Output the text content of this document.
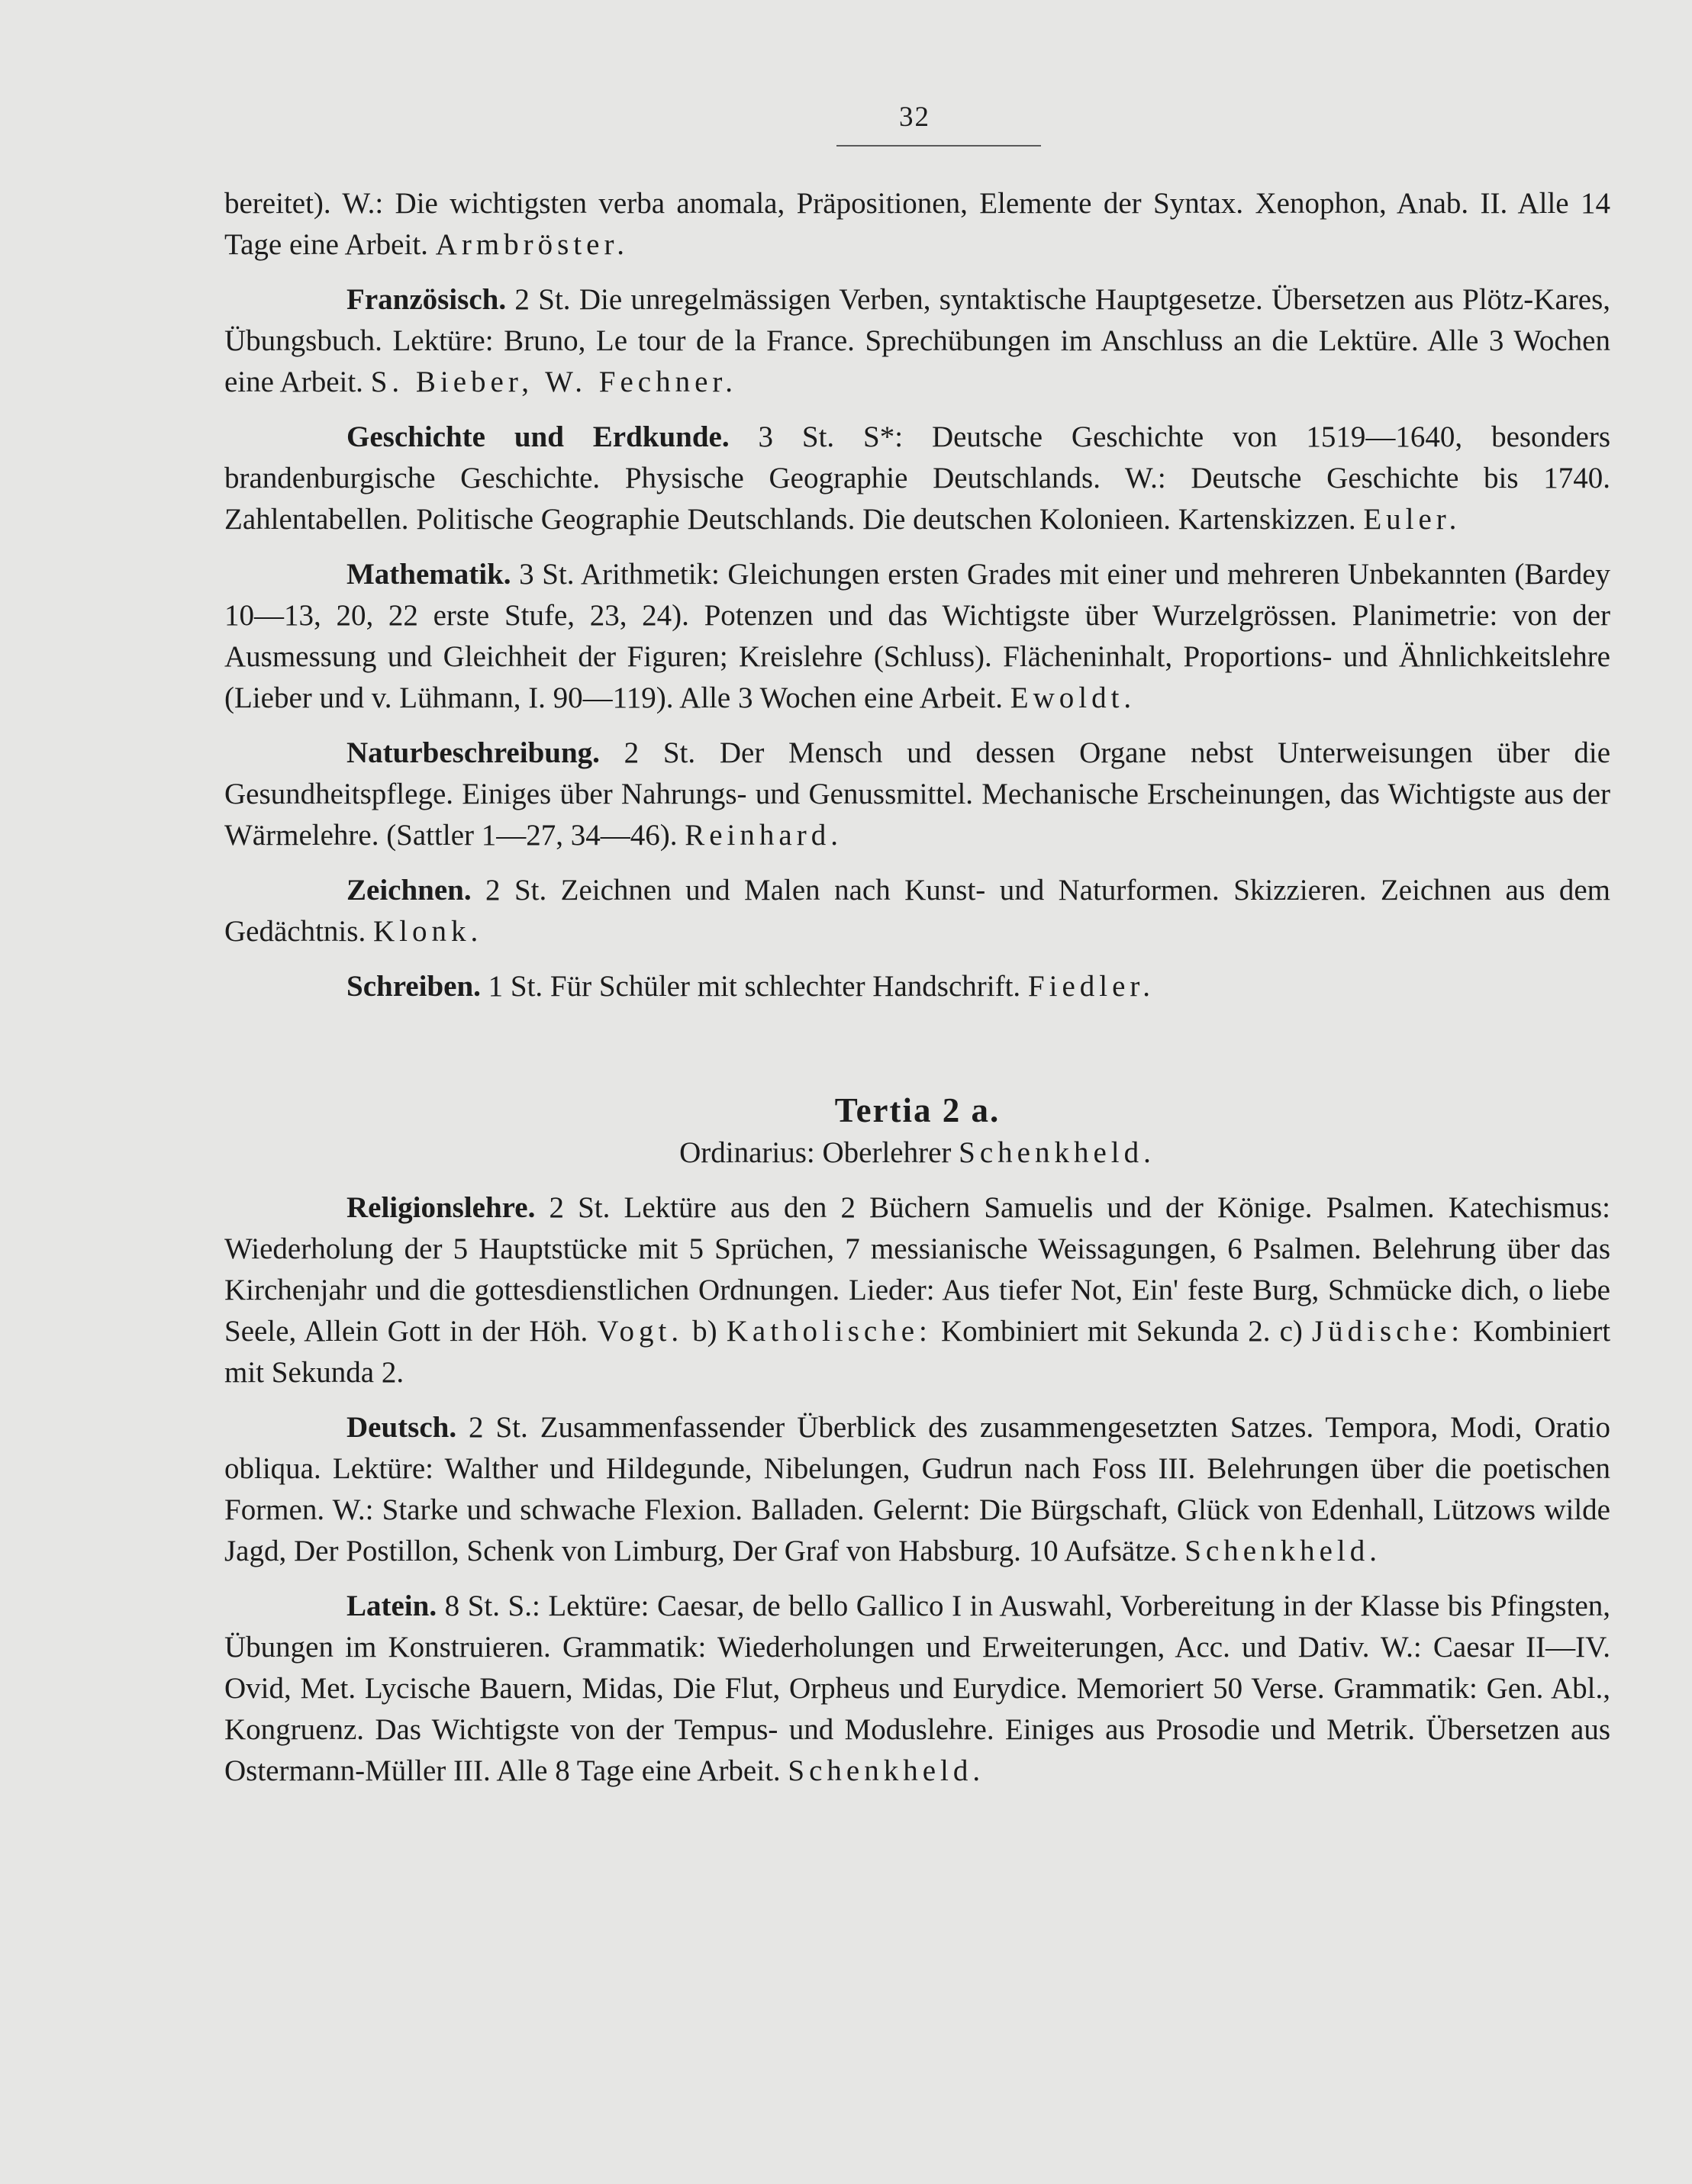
32

bereitet). W.: Die wichtigsten verba anomala, Präpositionen, Elemente der Syntax. Xenophon, Anab. II. Alle 14 Tage eine Arbeit. Armbröster.

Französisch. 2 St. Die unregelmässigen Verben, syntaktische Hauptgesetze. Übersetzen aus Plötz-Kares, Übungsbuch. Lektüre: Bruno, Le tour de la France. Sprechübungen im Anschluss an die Lektüre. Alle 3 Wochen eine Arbeit. S. Bieber, W. Fechner.

Geschichte und Erdkunde. 3 St. S*: Deutsche Geschichte von 1519—1640, besonders brandenburgische Geschichte. Physische Geographie Deutschlands. W.: Deutsche Geschichte bis 1740. Zahlentabellen. Politische Geographie Deutschlands. Die deutschen Kolonieen. Kartenskizzen. Euler.

Mathematik. 3 St. Arithmetik: Gleichungen ersten Grades mit einer und mehreren Unbekannten (Bardey 10—13, 20, 22 erste Stufe, 23, 24). Potenzen und das Wichtigste über Wurzelgrössen. Planimetrie: von der Ausmessung und Gleichheit der Figuren; Kreislehre (Schluss). Flächeninhalt, Proportions- und Ähnlichkeitslehre (Lieber und v. Lühmann, I. 90—119). Alle 3 Wochen eine Arbeit. Ewoldt.

Naturbeschreibung. 2 St. Der Mensch und dessen Organe nebst Unterweisungen über die Gesundheitspflege. Einiges über Nahrungs- und Genussmittel. Mechanische Erscheinungen, das Wichtigste aus der Wärmelehre. (Sattler 1—27, 34—46). Reinhard.

Zeichnen. 2 St. Zeichnen und Malen nach Kunst- und Naturformen. Skizzieren. Zeichnen aus dem Gedächtnis. Klonk.

Schreiben. 1 St. Für Schüler mit schlechter Handschrift. Fiedler.

Tertia 2 a.

Ordinarius: Oberlehrer Schenkheld.

Religionslehre. 2 St. Lektüre aus den 2 Büchern Samuelis und der Könige. Psalmen. Katechismus: Wiederholung der 5 Hauptstücke mit 5 Sprüchen, 7 messianische Weissagungen, 6 Psalmen. Belehrung über das Kirchenjahr und die gottesdienstlichen Ordnungen. Lieder: Aus tiefer Not, Ein' feste Burg, Schmücke dich, o liebe Seele, Allein Gott in der Höh. Vogt. b) Katholische: Kombiniert mit Sekunda 2. c) Jüdische: Kombiniert mit Sekunda 2.

Deutsch. 2 St. Zusammenfassender Überblick des zusammengesetzten Satzes. Tempora, Modi, Oratio obliqua. Lektüre: Walther und Hildegunde, Nibelungen, Gudrun nach Foss III. Belehrungen über die poetischen Formen. W.: Starke und schwache Flexion. Balladen. Gelernt: Die Bürgschaft, Glück von Edenhall, Lützows wilde Jagd, Der Postillon, Schenk von Limburg, Der Graf von Habsburg. 10 Aufsätze. Schenkheld.

Latein. 8 St. S.: Lektüre: Caesar, de bello Gallico I in Auswahl, Vorbereitung in der Klasse bis Pfingsten, Übungen im Konstruieren. Grammatik: Wiederholungen und Erweiterungen, Acc. und Dativ. W.: Caesar II—IV. Ovid, Met. Lycische Bauern, Midas, Die Flut, Orpheus und Eurydice. Memoriert 50 Verse. Grammatik: Gen. Abl., Kongruenz. Das Wichtigste von der Tempus- und Moduslehre. Einiges aus Prosodie und Metrik. Übersetzen aus Ostermann-Müller III. Alle 8 Tage eine Arbeit. Schenkheld.
